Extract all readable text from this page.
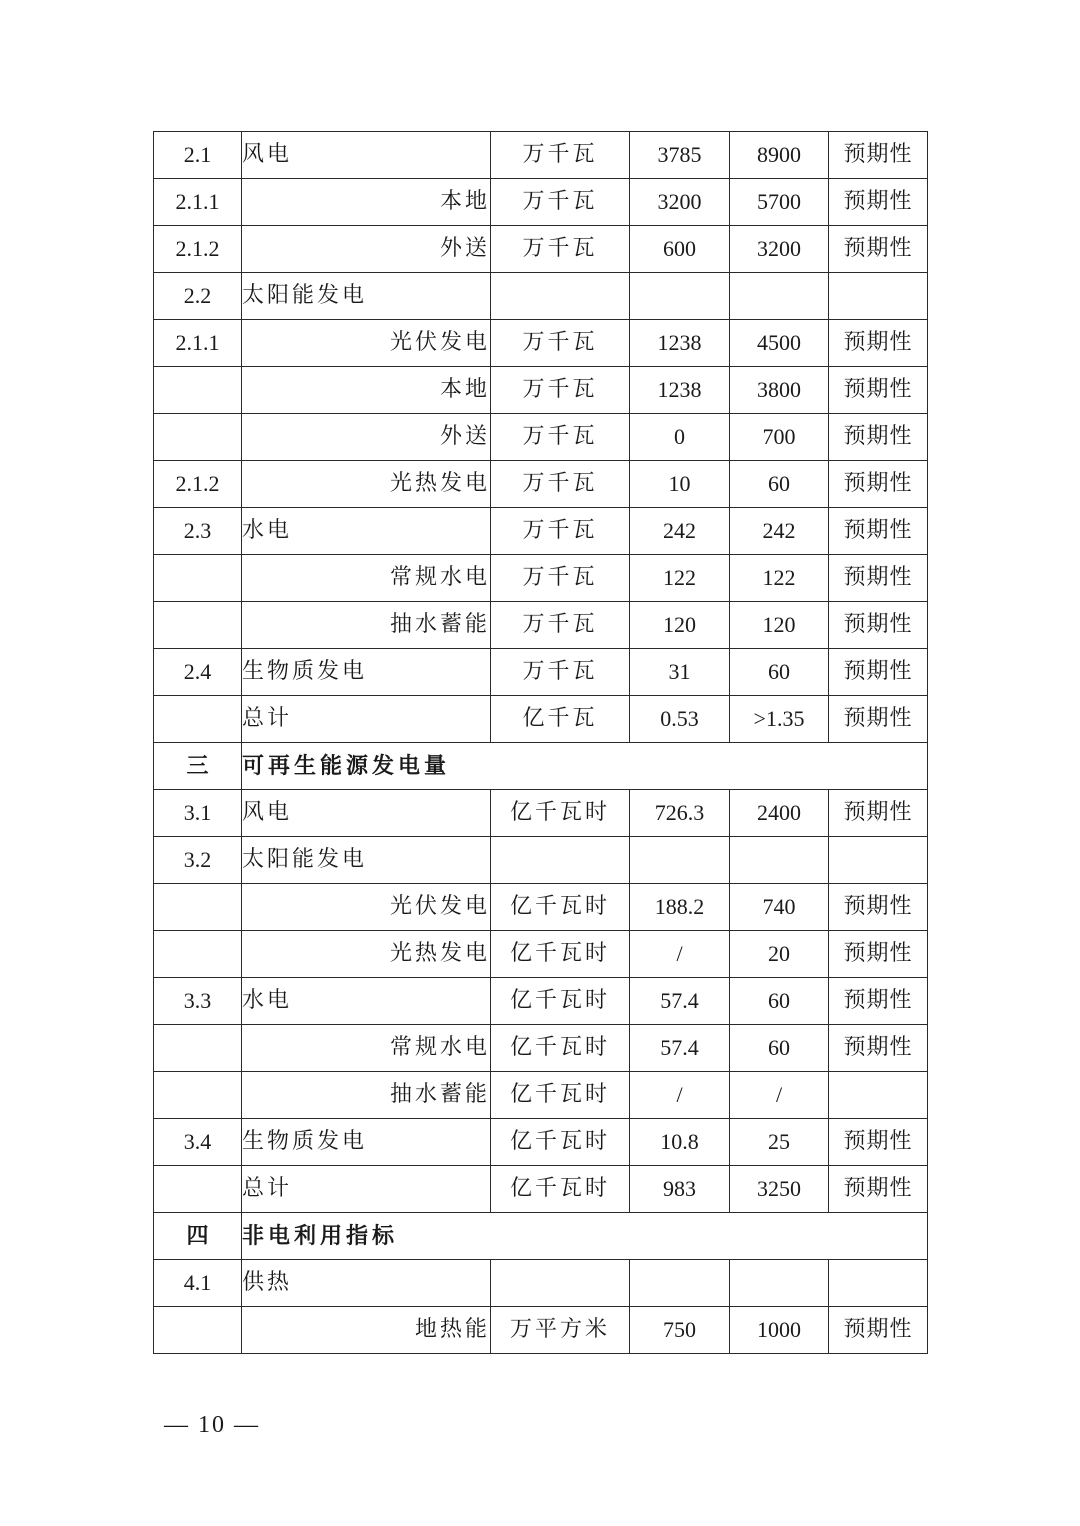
2.1	风电	万千瓦	3785	8900	预期性
2.1.1	本地	万千瓦	3200	5700	预期性
2.1.2	外送	万千瓦	600	3200	预期性
2.2	太阳能发电				
2.1.1	光伏发电	万千瓦	1238	4500	预期性
	本地	万千瓦	1238	3800	预期性
	外送	万千瓦	0	700	预期性
2.1.2	光热发电	万千瓦	10	60	预期性
2.3	水电	万千瓦	242	242	预期性
	常规水电	万千瓦	122	122	预期性
	抽水蓄能	万千瓦	120	120	预期性
2.4	生物质发电	万千瓦	31	60	预期性
	总计	亿千瓦	0.53	>1.35	预期性
三	可再生能源发电量				
3.1	风电	亿千瓦时	726.3	2400	预期性
3.2	太阳能发电				
	光伏发电	亿千瓦时	188.2	740	预期性
	光热发电	亿千瓦时	/	20	预期性
3.3	水电	亿千瓦时	57.4	60	预期性
	常规水电	亿千瓦时	57.4	60	预期性
	抽水蓄能	亿千瓦时	/	/	
3.4	生物质发电	亿千瓦时	10.8	25	预期性
	总计	亿千瓦时	983	3250	预期性
四	非电利用指标				
4.1	供热				
	地热能	万平方米	750	1000	预期性
— 10 —
